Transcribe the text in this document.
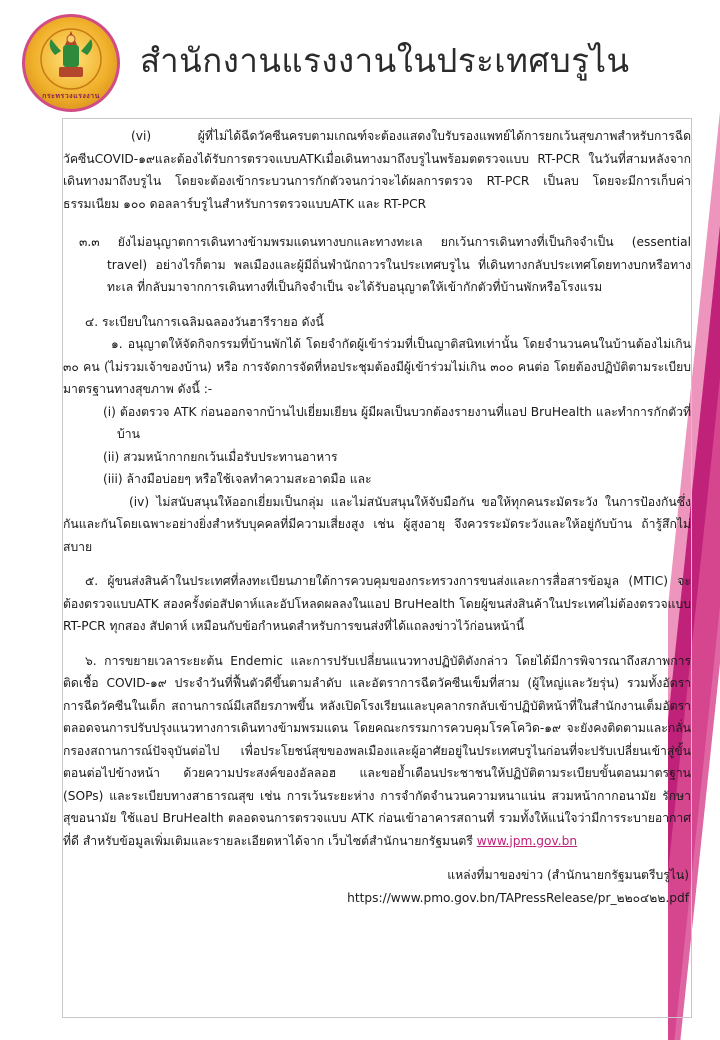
กระทรวงแรงงาน
สำนักงานแรงงานในประเทศบรูไน

(vi) ผู้ที่ไม่ได้ฉีดวัคซีนครบตามเกณฑ์จะต้องแสดงใบรับรองแพทย์ได้การยกเว้นสุขภาพสำหรับการฉีดวัคซีนCOVID-๑๙และต้องได้รับการตรวจแบบATKเมื่อเดินทางมาถึงบรูไนพร้อมตตรวจแบบ RT-PCR ในวันที่สามหลังจากเดินทางมาถึงบรูไน โดยจะต้องเข้ากระบวนการกักตัวจนกว่าจะได้ผลการตรวจ RT-PCR เป็นลบ โดยจะมีการเก็บค่าธรรมเนียม ๑๐๐ ดอลลาร์บรูไนสำหรับการตรวจแบบATK และ RT-PCR

๓.๓ ยังไม่อนุญาตการเดินทางข้ามพรมแดนทางบกและทางทะเล ยกเว้นการเดินทางที่เป็นกิจจำเป็น (essential travel) อย่างไรก็ตาม พลเมืองและผู้มีถิ่นพำนักถาวรในประเทศบรูไน ที่เดินทางกลับประเทศโดยทางบกหรือทางทะเล ที่กลับมาจากการเดินทางที่เป็นกิจจำเป็น จะได้รับอนุญาตให้เข้ากักตัวที่บ้านพักหรือโรงแรม

๔. ระเบียบในการเฉลิมฉลองวันฮารีรายอ ดังนี้

๑. อนุญาตให้จัดกิจกรรมที่บ้านพักได้ โดยจำกัดผู้เข้าร่วมที่เป็นญาติสนิทเท่านั้น โดยจำนวนคนในบ้านต้องไม่เกิน ๓๐ คน (ไม่รวมเจ้าของบ้าน) หรือ การจัดการจัดที่หอประชุมต้องมีผู้เข้าร่วมไม่เกิน ๓๐๐ คนต่อ โดยต้องปฏิบัติตามระเบียบมาตรฐานทางสุขภาพ ดังนี้ :-

(i) ต้องตรวจ ATK ก่อนออกจากบ้านไปเยี่ยมเยียน ผู้มีผลเป็นบวกต้องรายงานที่แอป BruHealth และทำการกักตัวที่บ้าน

(ii) สวมหน้ากากยกเว้นเมื่อรับประทานอาหาร

(iii) ล้างมือบ่อยๆ หรือใช้เจลทำความสะอาดมือ และ

(iv) ไม่สนับสนุนให้ออกเยี่ยมเป็นกลุ่ม และไม่สนับสนุนให้จับมือกัน ขอให้ทุกคนระมัดระวัง ในการป้องกันซึ่งกันและกันโดยเฉพาะอย่างยิ่งสำหรับบุคคลที่มีความเสี่ยงสูง เช่น ผู้สูงอายุ จึงควรระมัดระวังและให้อยู่กับบ้าน ถ้ารู้สึกไม่สบาย

๕. ผู้ขนส่งสินค้าในประเทศที่ลงทะเบียนภายใต้การควบคุมของกระทรวงการขนส่งและการสื่อสารข้อมูล (MTIC) จะต้องตรวจแบบATK สองครั้งต่อสัปดาห์และอัปโหลดผลลงในแอป BruHealth โดยผู้ขนส่งสินค้าในประเทศไม่ต้องตรวจแบบ RT-PCR ทุกสอง สัปดาห์ เหมือนกับข้อกำหนดสำหรับการขนส่งที่ได้แถลงข่าวไว้ก่อนหน้านี้

๖. การขยายเวลาระยะต้น Endemic และการปรับเปลี่ยนแนวทางปฏิบัติดังกล่าว โดยได้มีการพิจารณาถึงสภาพการติดเชื้อ COVID-๑๙ ประจำวันที่ฟื้นตัวดีขึ้นตามลำดับ และอัตราการฉีดวัคซีนเข็มที่สาม (ผู้ใหญ่และวัยรุ่น) รวมทั้งอัตราการฉีดวัคซีนในเด็ก สถานการณ์มีเสถียรภาพขึ้น หลังเปิดโรงเรียนและบุคลากรกลับเข้าปฏิบัติหน้าที่ในสำนักงานเต็มอัตรา ตลอดจนการปรับปรุงแนวทางการเดินทางข้ามพรมแดน โดยคณะกรรมการควบคุมโรคโควิด-๑๙ จะยังคงติดตามและกลั่นกรองสถานการณ์ปัจจุบันต่อไป เพื่อประโยชน์สุขของพลเมืองและผู้อาศัยอยู่ในประเทศบรูไนก่อนที่จะปรับเปลี่ยนเข้าสู่ขั้นตอนต่อไปข้างหน้า ด้วยความประสงค์ของอัลลอฮ และขอย้ำเตือนประชาชนให้ปฏิบัติตามระเบียบขั้นตอนมาตรฐาน (SOPs) และระเบียบทางสาธารณสุข เช่น การเว้นระยะห่าง การจำกัดจำนวนความหนาแน่น สวมหน้ากากอนามัย รักษาสุขอนามัย ใช้แอป BruHealth ตลอดจนการตรวจแบบ ATK ก่อนเข้าอาคารสถานที่ รวมทั้งให้แน่ใจว่ามีการระบายอากาศที่ดี สำหรับข้อมูลเพิ่มเติมและรายละเอียดหาได้จาก เว็บไซต์สำนักนายกรัฐมนตรี www.jpm.gov.bn

แหล่งที่มาของข่าว (สำนักนายกรัฐมนตรีบรูไน)

https://www.pmo.gov.bn/TAPressRelease/pr_๒๒๐๔๒๒.pdf
